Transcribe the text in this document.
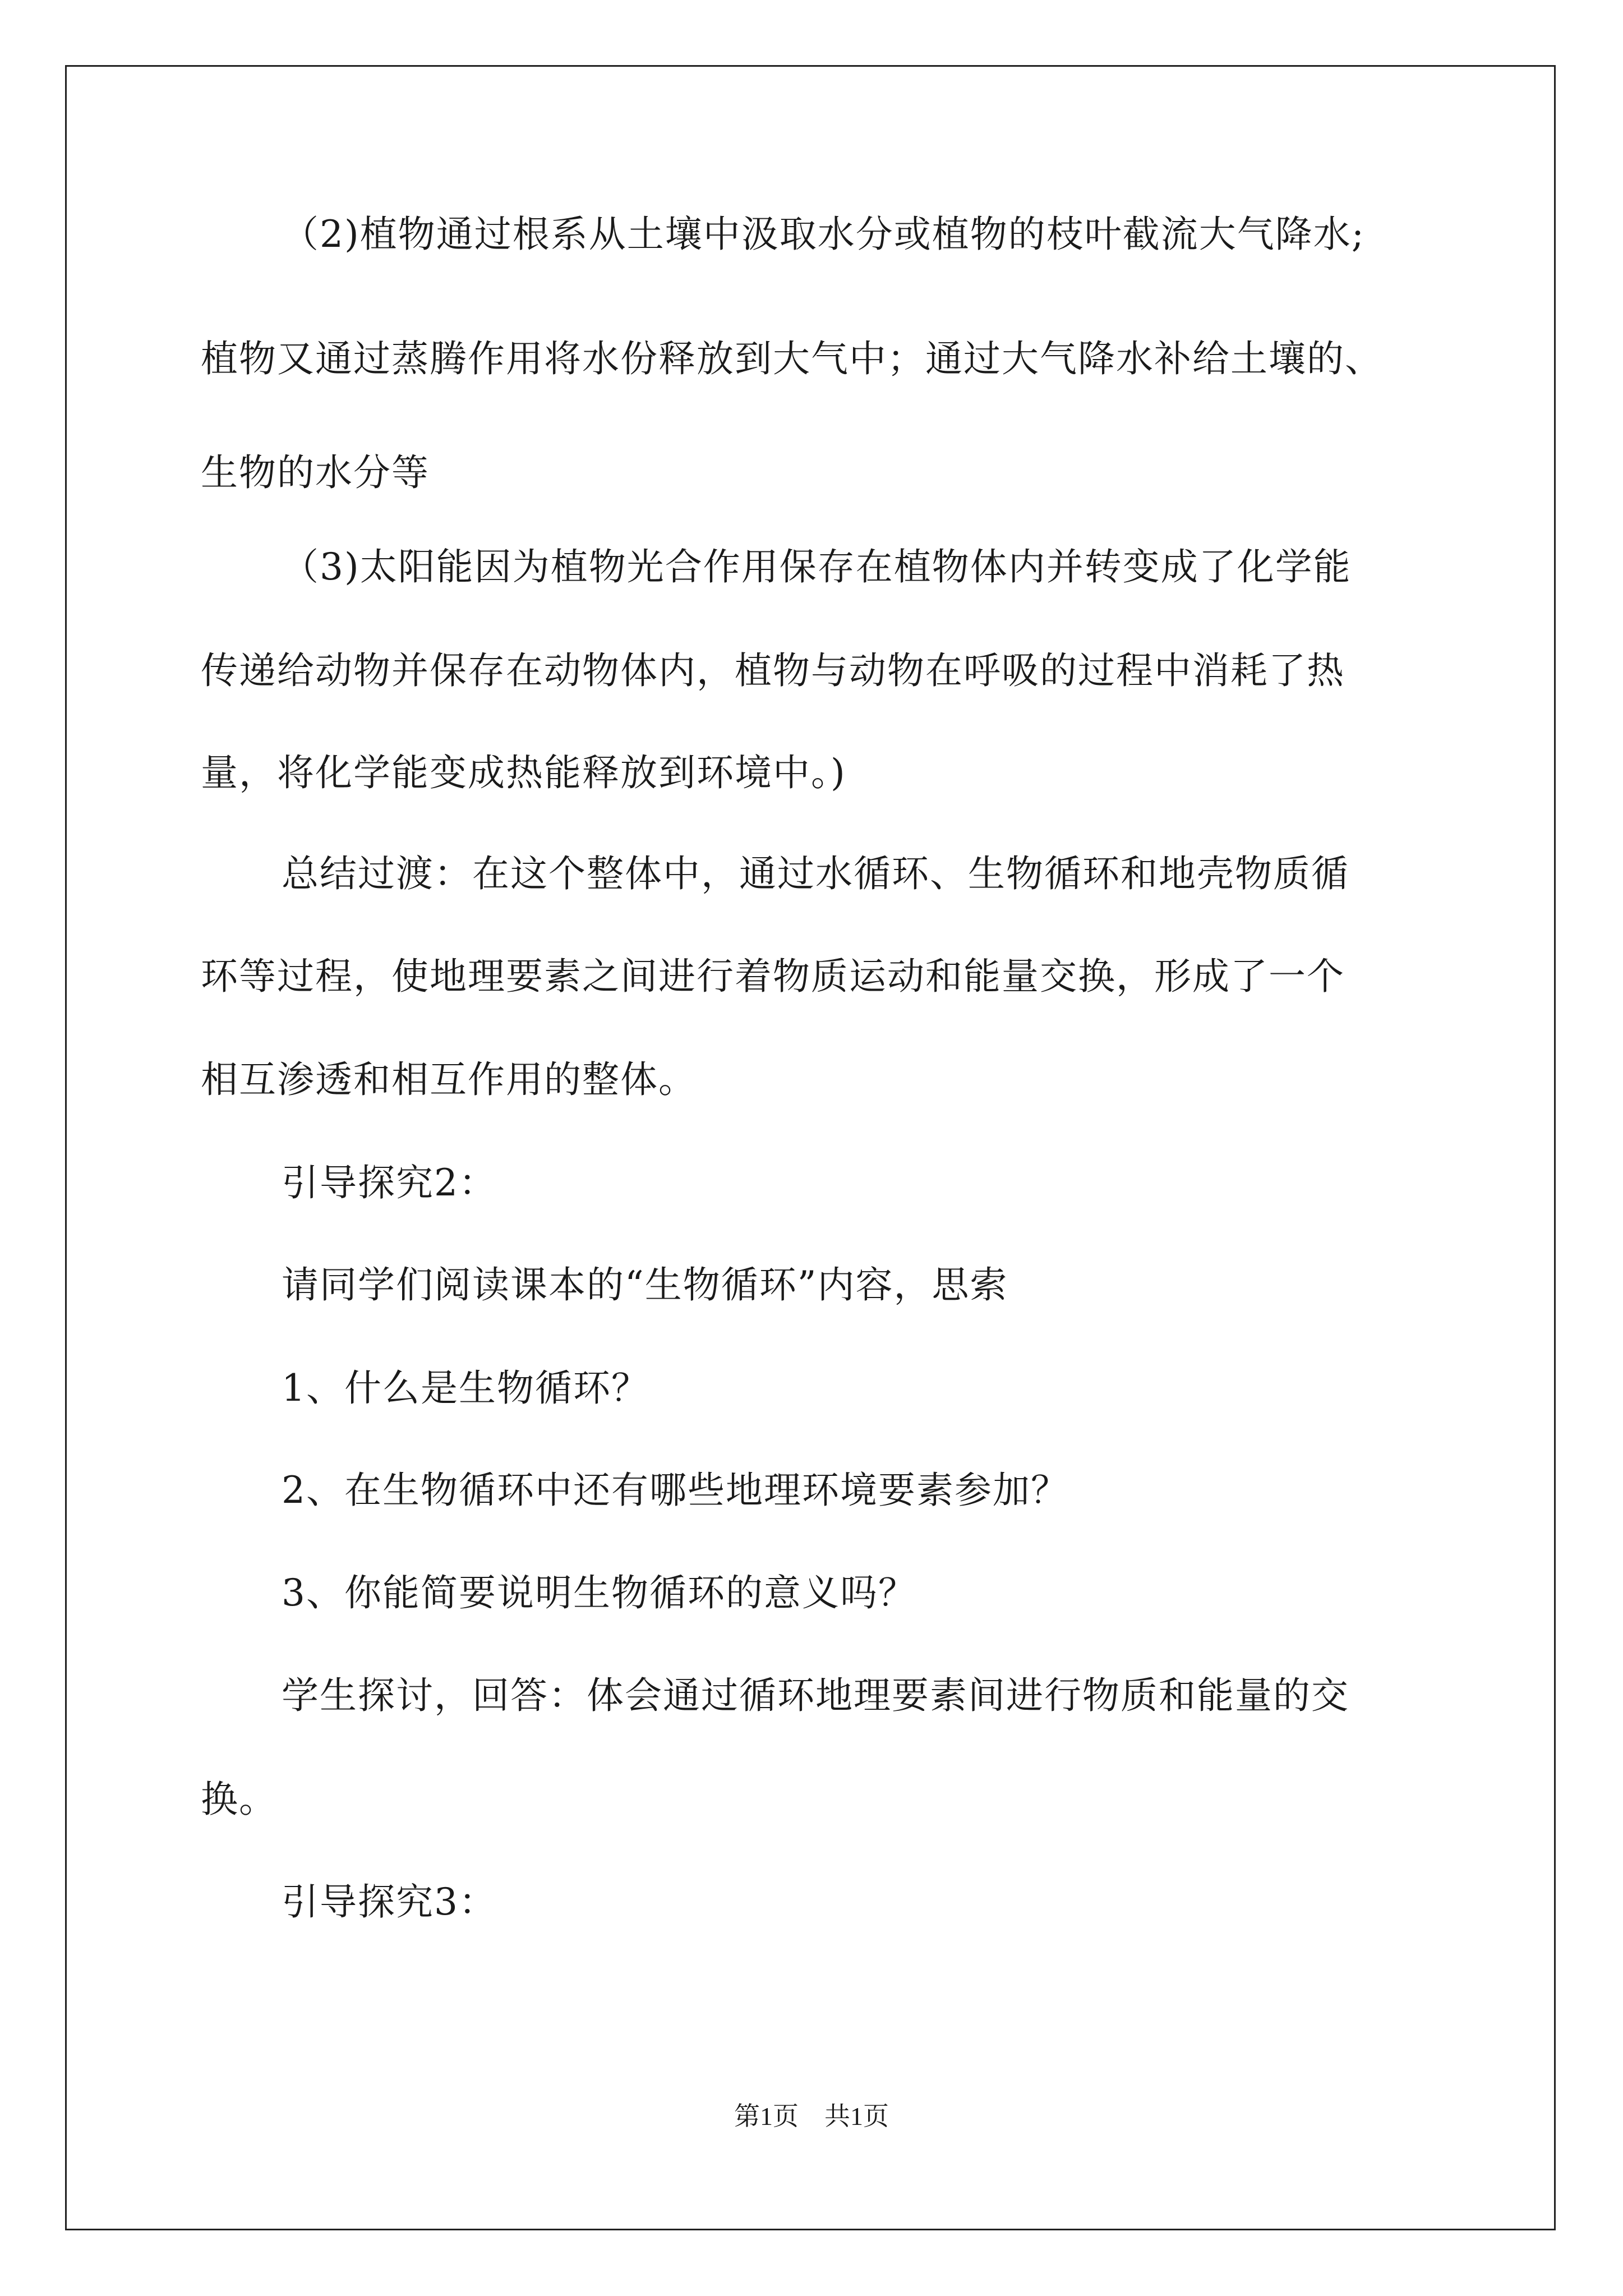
（2)植物通过根系从土壤中汲取水分或植物的枝叶截流大气降水;

植物又通过蒸腾作用将水份释放到大气中；通过大气降水补给土壤的、

生物的水分等

（3)太阳能因为植物光合作用保存在植物体内并转变成了化学能

传递给动物并保存在动物体内，植物与动物在呼吸的过程中消耗了热

量，将化学能变成热能释放到环境中。)

总结过渡：在这个整体中，通过水循环、生物循环和地壳物质循

环等过程，使地理要素之间进行着物质运动和能量交换，形成了一个

相互渗透和相互作用的整体。

引导探究2：

请同学们阅读课本的“生物循环”内容，思索

1、什么是生物循环？

2、在生物循环中还有哪些地理环境要素参加？

3、你能简要说明生物循环的意义吗？

学生探讨，回答：体会通过循环地理要素间进行物质和能量的交

换。

引导探究3：

第1页　共1页
